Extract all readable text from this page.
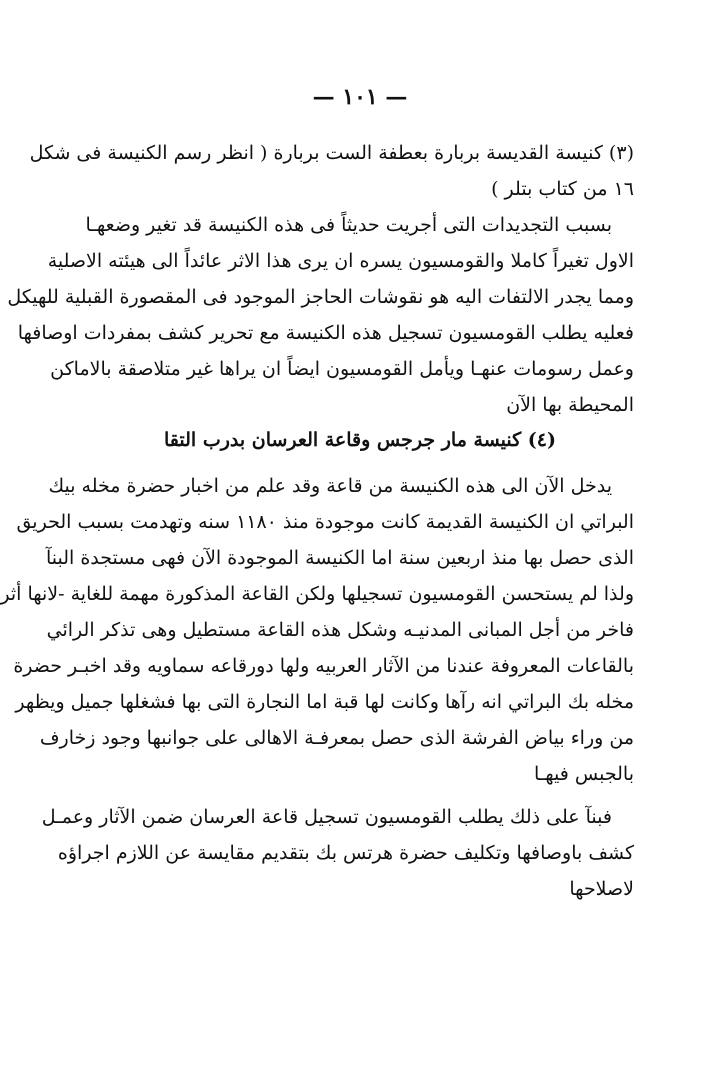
— ١٠١ —
(٣) كنيسة القديسة بربارة بعطفة الست بربارة ( انظر رسم الكنيسة فى شكل
١٦ من كتاب بتلر )
بسبب التجديدات التى أجريت حديثاً فى هذه الكنيسة قد تغير وضعهـا
الاول تغيراً كاملا والقومسيون يسره ان يرى هذا الاثر عائداً الى هيئته الاصلية
ومما يجدر الالتفات اليه هو نقوشات الحاجز الموجود فى المقصورة القبلية للهيكل
فعليه يطلب القومسيون تسجيل هذه الكنيسة مع تحرير كشف بمفردات اوصافها
وعمل رسومات عنهـا ويأمل القومسيون ايضاً ان يراها غير متلاصقة بالاماكن
المحيطة بها الآن
(٤) كنيسة مار جرجس وقاعة العرسان بدرب التقا
يدخل الآن الى هذه الكنيسة من قاعة وقد علم من اخبار حضرة مخله بيك
البراتي ان الكنيسة القديمة كانت موجودة منذ ١١٨٠ سنه وتهدمت بسبب الحريق
الذى حصل بها منذ اربعين سنة اما الكنيسة الموجودة الآن فهى مستجدة البنآ
ولذا لم يستحسن القومسيون تسجيلها ولكن القاعة المذكورة مهمة للغاية -لانها أثر
فاخر من أجل المبانى المدنيـه وشكل هذه القاعة مستطيل وهى تذكر الرائي
بالقاعات المعروفة عندنا من الآثار العربيه ولها دورقاعه سماويه وقد اخبـر حضرة
مخله بك البراتي انه رآها وكانت لها قبة اما النجارة التى بها فشغلها جميل ويظهر
من وراء بياض الفرشة الذى حصل بمعرفـة الاهالى على جوانبها وجود زخارف
بالجبس فيهـا
فبنآ على ذلك يطلب القومسيون تسجيل قاعة العرسان ضمن الآثار وعمـل
كشف باوصافها وتكليف حضرة هرتس بك بتقديم مقايسة عن اللازم اجراؤه
لاصلاحها
